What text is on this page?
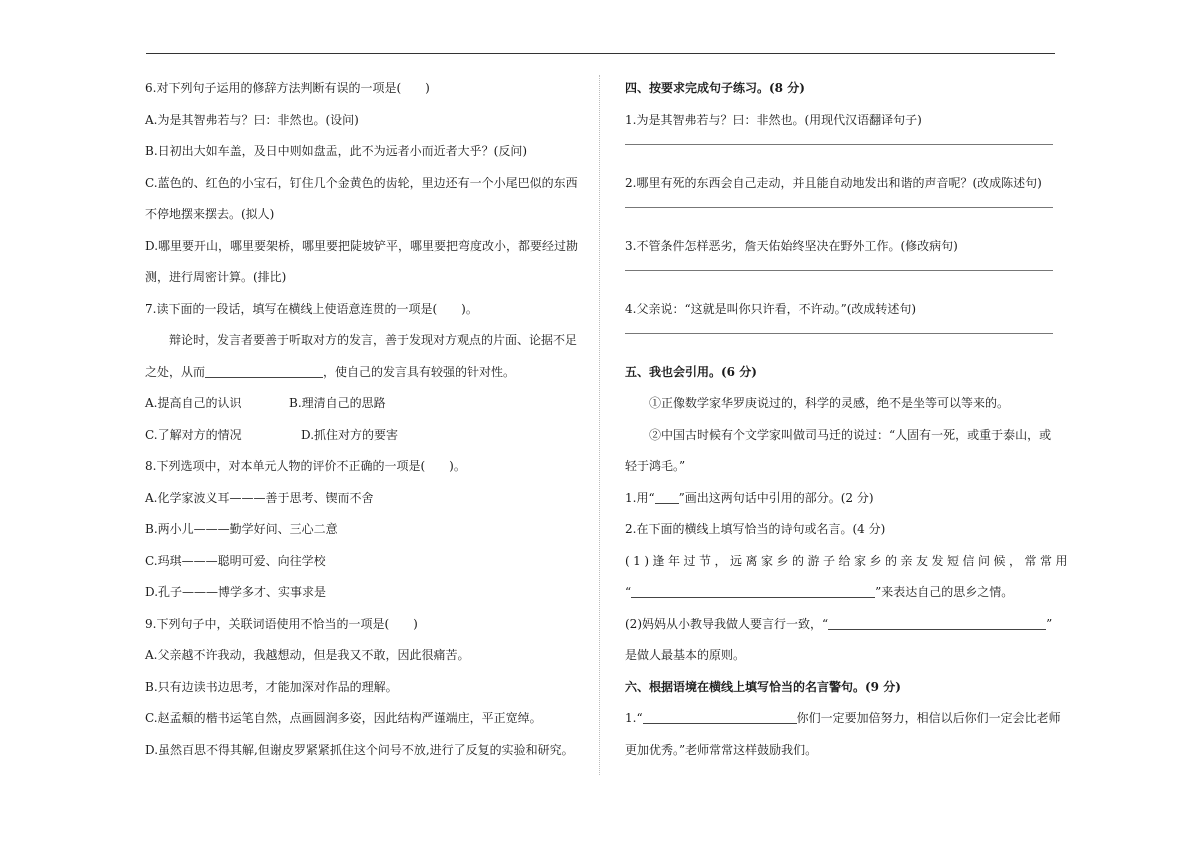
6.对下列句子运用的修辞方法判断有误的一项是(　　)
A.为是其智弗若与？曰：非然也。(设问)
B.日初出大如车盖，及日中则如盘盂，此不为远者小而近者大乎？(反问)
C.蓝色的、红色的小宝石，钉住几个金黄色的齿轮，里边还有一个小尾巴似的东西
不停地摆来摆去。(拟人)
D.哪里要开山，哪里要架桥，哪里要把陡坡铲平，哪里要把弯度改小，都要经过勘
测，进行周密计算。(排比)
7.读下面的一段话，填写在横线上使语意连贯的一项是(　　)。
辩论时，发言者要善于听取对方的发言，善于发现对方观点的片面、论据不足
之处，从而	，使自己的发言具有较强的针对性。
A.提高自己的认识	B.理清自己的思路
C.了解对方的情况	D.抓住对方的要害
8.下列选项中，对本单元人物的评价不正确的一项是(　　)。
A.化学家波义耳———善于思考、锲而不舍
B.两小儿———勤学好问、三心二意
C.玛琪———聪明可爱、向往学校
D.孔子———博学多才、实事求是
9.下列句子中，关联词语使用不恰当的一项是(　　)
A.父亲越不许我动，我越想动，但是我又不敢，因此很痛苦。
B.只有边读书边思考，才能加深对作品的理解。
C.赵孟頫的楷书运笔自然，点画圆润多姿，因此结构严谨端庄，平正宽绰。
D.虽然百思不得其解,但谢皮罗紧紧抓住这个问号不放,进行了反复的实验和研究。
四、按要求完成句子练习。(8 分)
1.为是其智弗若与？曰：非然也。(用现代汉语翻译句子)
2.哪里有死的东西会自己走动，并且能自动地发出和谐的声音呢？(改成陈述句)
3.不管条件怎样恶劣，詹天佑始终坚决在野外工作。(修改病句)
4.父亲说：“这就是叫你只许看，不许动。”(改成转述句)
五、我也会引用。(6 分)
①正像数学家华罗庚说过的，科学的灵感，绝不是坐等可以等来的。
②中国古时候有个文学家叫做司马迁的说过：“人固有一死，或重于泰山，或
轻于鸿毛。”
1.用“ ”画出这两句话中引用的部分。(2 分)
2.在下面的横线上填写恰当的诗句或名言。(4 分)
(1)逢年过节，远离家乡的游子给家乡的亲友发短信问候，常常用
“	”来表达自己的思乡之情。
(2)妈妈从小教导我做人要言行一致，“	”
是做人最基本的原则。
六、根据语境在横线上填写恰当的名言警句。(9 分)
1.“	你们一定要加倍努力，相信以后你们一定会比老师
更加优秀。”老师常常这样鼓励我们。
